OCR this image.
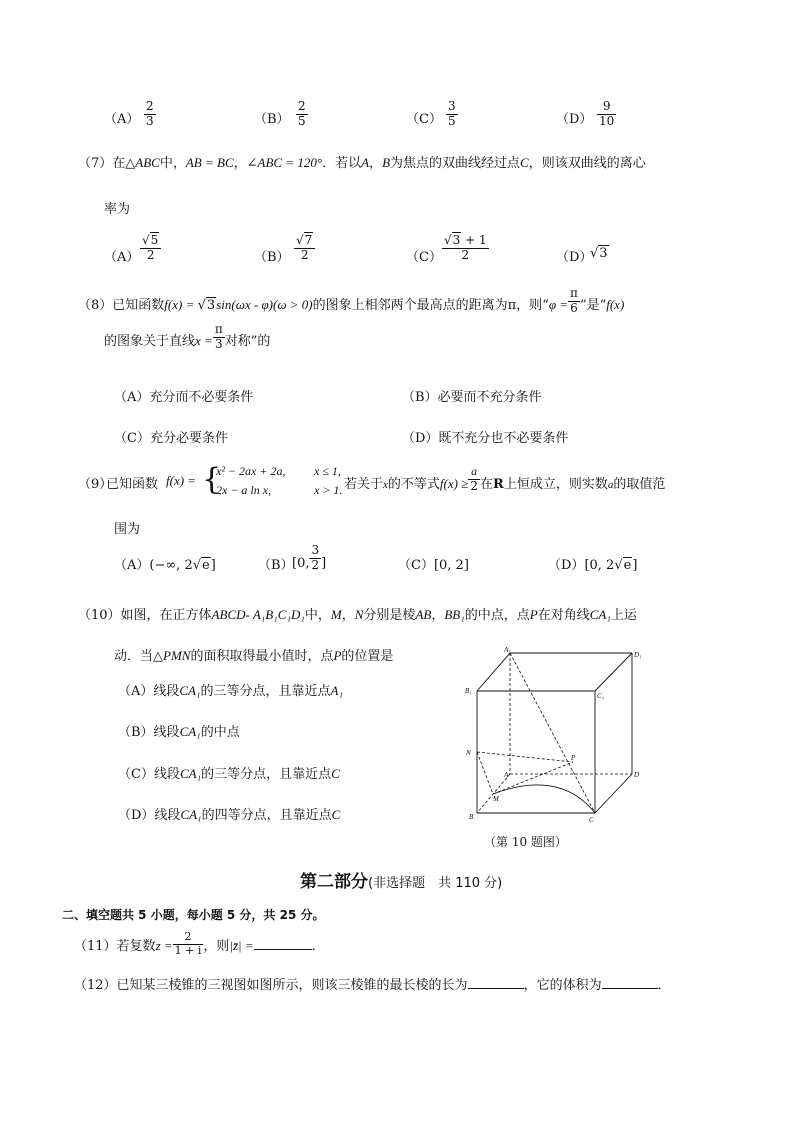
$(A) \frac{2}{3}$	$(B) \frac{2}{5}$	$(C) \frac{3}{5}$	$(D) \frac{9}{10}$
（7）在△ABC中，AB = BC，∠ABC = 120°．若以A，B为焦点的双曲线经过点C，则该双曲线的离心
率为
$(A) \frac{√5}{2}$	$(B) \frac{√7}{2}$	$(C) \frac{√3 + 1}{2}$	（D）
√3
（8）已知函数f(x) = √3sin(ωx - φ)(ω > 0)的图象上相邻两个最高点的距离为π，则“$\varphi = \frac{\pi}{6}$ ”是“f(x)
的图象关于直线$x = \frac{\pi}{3}$ 对称”的
（A）充分而不必要条件	（B）必要而不充分条件
（C）充分必要条件	（D）既不充分也不必要条件
（9）
已知函数 f(x) = {
x² − 2ax + 2a, x ≤ 1,
2x − a ln x,	x > 1. 若关于x的不等式$f(x) \ge \frac{a}{2}$ 在R上恒成立，则实数a的取值范
围为
（A）(−∞, 2√e]	（B）
[0, $\frac{3}{2}$ ]	（C）[0, 2]	（D）[0, 2√e]
（10）如图，在正方体ABCD- A₁B₁C₁D₁中，M，N分别是棱AB，BB₁的中点，点P在对角线CA₁上运
动．当△PMN的面积取得最小值时，点P的位置是
（A）线段CA₁的三等分点，且靠近点A₁
（B）线段CA₁的中点
（C）线段CA₁的三等分点，且靠近点C
（D）线段CA₁的四等分点，且靠近点C
A₁
D₁
B₁
C₁
N
A
P
D
M
B	C
（第 10 题图）
第二部分(非选择题　共 110 分)
二、填空题共 5 小题，每小题 5 分，共 25 分。
（11）若复数$z = \frac{2}{1 + i}$ ，则|z̄| =	．
（12）已知某三棱锥的三视图如图所示，则该三棱锥的最长棱的长为	，它的体积为	．
